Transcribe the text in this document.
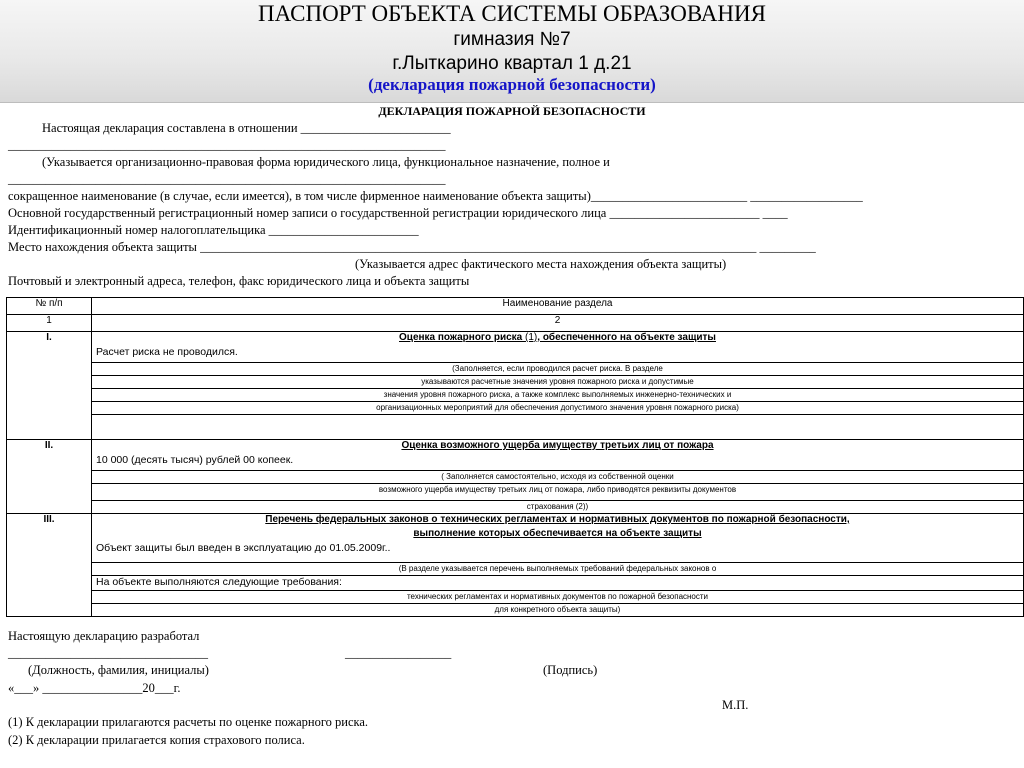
ПАСПОРТ ОБЪЕКТА СИСТЕМЫ ОБРАЗОВАНИЯ
гимназия №7
г.Лыткарино квартал 1 д.21
(декларация пожарной безопасности)
ДЕКЛАРАЦИЯ ПОЖАРНОЙ БЕЗОПАСНОСТИ
Настоящая декларация составлена в отношении ________________________
______________________________________________________________________
(Указывается организационно-правовая форма юридического лица, функциональное назначение, полное и
______________________________________________________________________
сокращенное наименование (в случае, если имеется), в том числе фирменное наименование объекта защиты)_________________________ __________________
Основной государственный регистрационный номер записи о государственной регистрации юридического лица ________________________ ____
Идентификационный номер налогоплательщика ________________________
Место нахождения объекта защиты _________________________________________________________________________________________ _________
(Указывается адрес фактического места нахождения объекта защиты)
Почтовый и электронный адреса, телефон, факс юридического лица и объекта защиты
№ п/п	Наименование раздела
1	2
I.	Оценка пожарного риска (1), обеспеченного на объекте защиты
Расчет риска не проводился.

	(Заполняется, если проводился расчет риска. В разделе
	указываются расчетные значения уровня пожарного риска и допустимые
	значения уровня пожарного риска, а также комплекс выполняемых инженерно-технических и
	организационных мероприятий для обеспечения допустимого значения уровня пожарного риска)

II.	Оценка возможного ущерба имуществу третьих лиц от пожара
10 000 (десять тысяч) рублей 00 копеек.

	( Заполняется самостоятельно, исходя из собственной оценки
	возможного ущерба имуществу третьих лиц от пожара, либо приводятся реквизиты документов
	страхования (2))
III.	Перечень федеральных законов о технических регламентах и нормативных документов по пожарной безопасности,
выполнение которых обеспечивается на объекте защиты
Объект защиты был введен в эксплуатацию до 01.05.2009г..

	(В разделе указывается перечень выполняемых требований федеральных законов о
	На объекте выполняются следующие требования:
	технических регламентах и нормативных документов по пожарной безопасности
	для конкретного объекта защиты)
Настоящую декларацию разработал
________________________________	_________________
(Должность, фамилия, инициалы)	(Подпись)
«___» ________________20___г.
М.П.
(1) К декларации прилагаются расчеты по оценке пожарного риска.
(2) К декларации прилагается копия страхового полиса.
